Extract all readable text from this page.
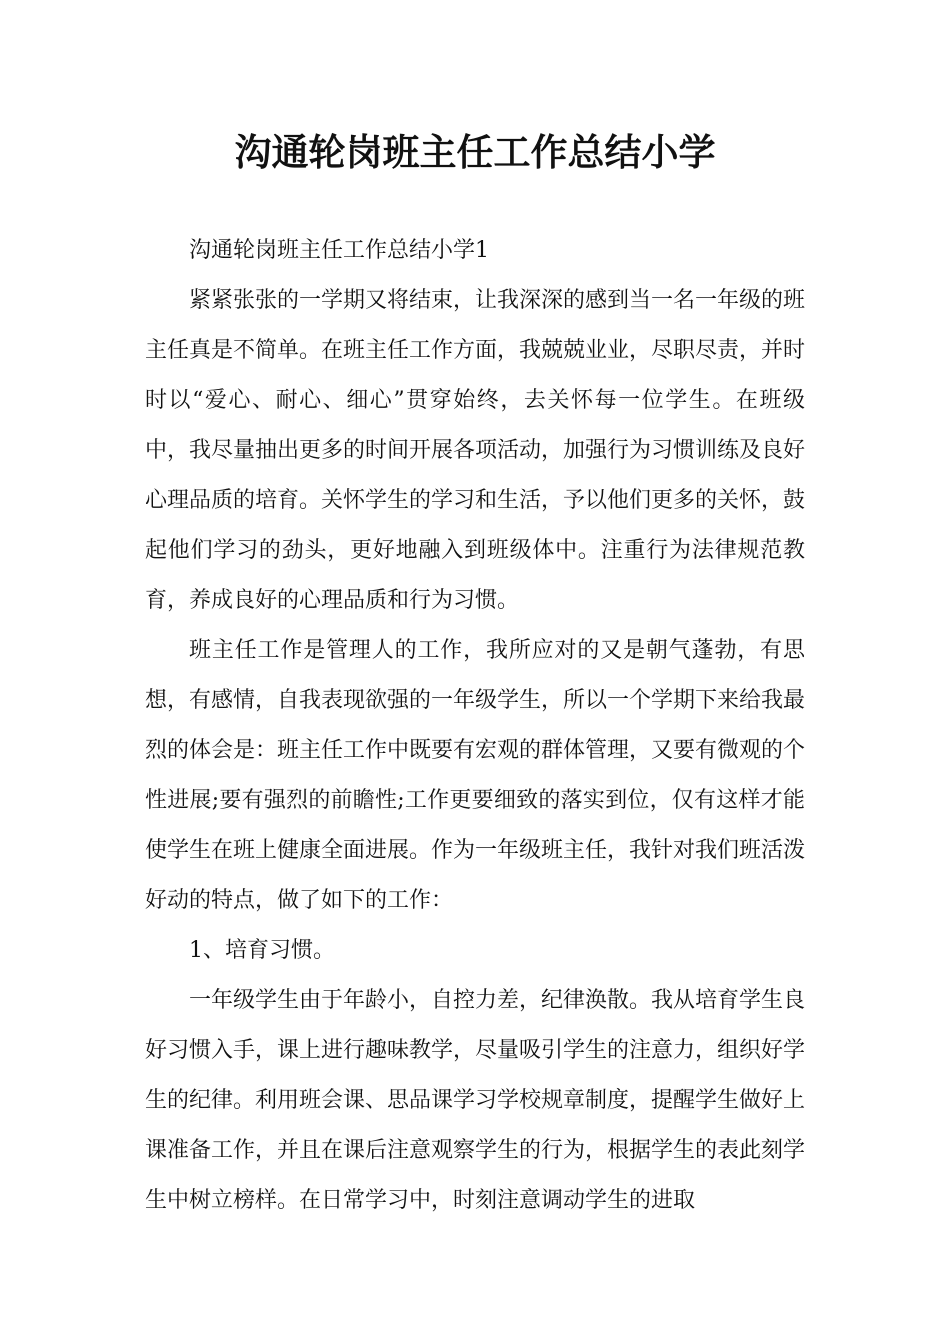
沟通轮岗班主任工作总结小学

沟通轮岗班主任工作总结小学1

紧紧张张的一学期又将结束，让我深深的感到当一名一年级的班主任真是不简单。在班主任工作方面，我兢兢业业，尽职尽责，并时时以“爱心、耐心、细心”贯穿始终，去关怀每一位学生。在班级中，我尽量抽出更多的时间开展各项活动，加强行为习惯训练及良好心理品质的培育。关怀学生的学习和生活，予以他们更多的关怀，鼓起他们学习的劲头，更好地融入到班级体中。注重行为法律规范教育，养成良好的心理品质和行为习惯。

班主任工作是管理人的工作，我所应对的又是朝气蓬勃，有思想，有感情，自我表现欲强的一年级学生，所以一个学期下来给我最烈的体会是：班主任工作中既要有宏观的群体管理，又要有微观的个性进展;要有强烈的前瞻性;工作更要细致的落实到位，仅有这样才能使学生在班上健康全面进展。作为一年级班主任，我针对我们班活泼好动的特点，做了如下的工作：

1、培育习惯。

一年级学生由于年龄小，自控力差，纪律涣散。我从培育学生良好习惯入手，课上进行趣味教学，尽量吸引学生的注意力，组织好学生的纪律。利用班会课、思品课学习学校规章制度，提醒学生做好上课准备工作，并且在课后注意观察学生的行为，根据学生的表此刻学生中树立榜样。在日常学习中，时刻注意调动学生的进取
